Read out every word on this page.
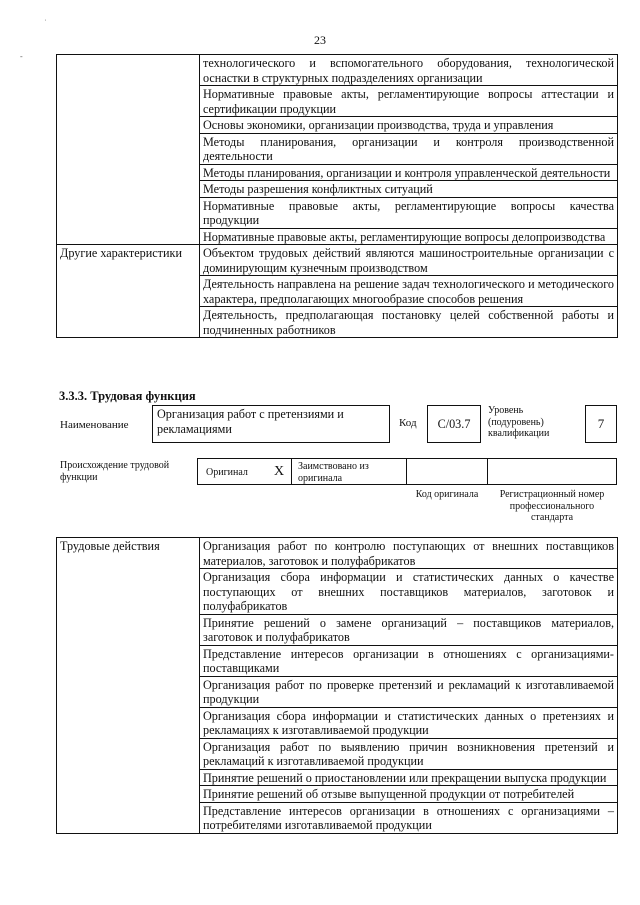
˙
-
23
	технологического и вспомогательного оборудования, технологической оснастки в структурных подразделениях организации
	Нормативные правовые акты, регламентирующие вопросы аттестации и сертификации продукции
	Основы экономики, организации производства, труда и управления
	Методы планирования, организации и контроля производственной деятельности
	Методы планирования, организации и контроля управленческой деятельности
	Методы разрешения конфликтных ситуаций
	Нормативные правовые акты, регламентирующие вопросы качества продукции
	Нормативные правовые акты, регламентирующие вопросы делопроизводства
Другие характеристики	Объектом трудовых действий являются машиностроительные организации с доминирующим кузнечным производством
	Деятельность направлена на решение задач технологического и методического характера, предполагающих многообразие способов решения
	Деятельность, предполагающая постановку целей собственной работы и подчиненных работников
3.3.3. Трудовая функция
Наименование
Организация работ с претензиями и рекламациями	Код	C/03.7
Уровень (подуровень) квалификации
7
Происхождение трудовой функции	Оригинал X Заимствовано из оригинала
Код оригинала	Регистрационный номер профессионального стандарта
Трудовые действия	Организация работ по контролю поступающих от внешних поставщиков материалов, заготовок и полуфабрикатов
Организация сбора информации и статистических данных о качестве поступающих от внешних поставщиков материалов, заготовок и полуфабрикатов
Принятие решений о замене организаций – поставщиков материалов, заготовок и полуфабрикатов
Представление интересов организации в отношениях с организациями-поставщиками
Организация работ по проверке претензий и рекламаций к изготавливаемой продукции
Организация сбора информации и статистических данных о претензиях и рекламациях к изготавливаемой продукции
Организация работ по выявлению причин возникновения претензий и рекламаций к изготавливаемой продукции
Принятие решений о приостановлении или прекращении выпуска продукции
Принятие решений об отзыве выпущенной продукции от потребителей
Представление интересов организации в отношениях с организациями – потребителями изготавливаемой продукции
